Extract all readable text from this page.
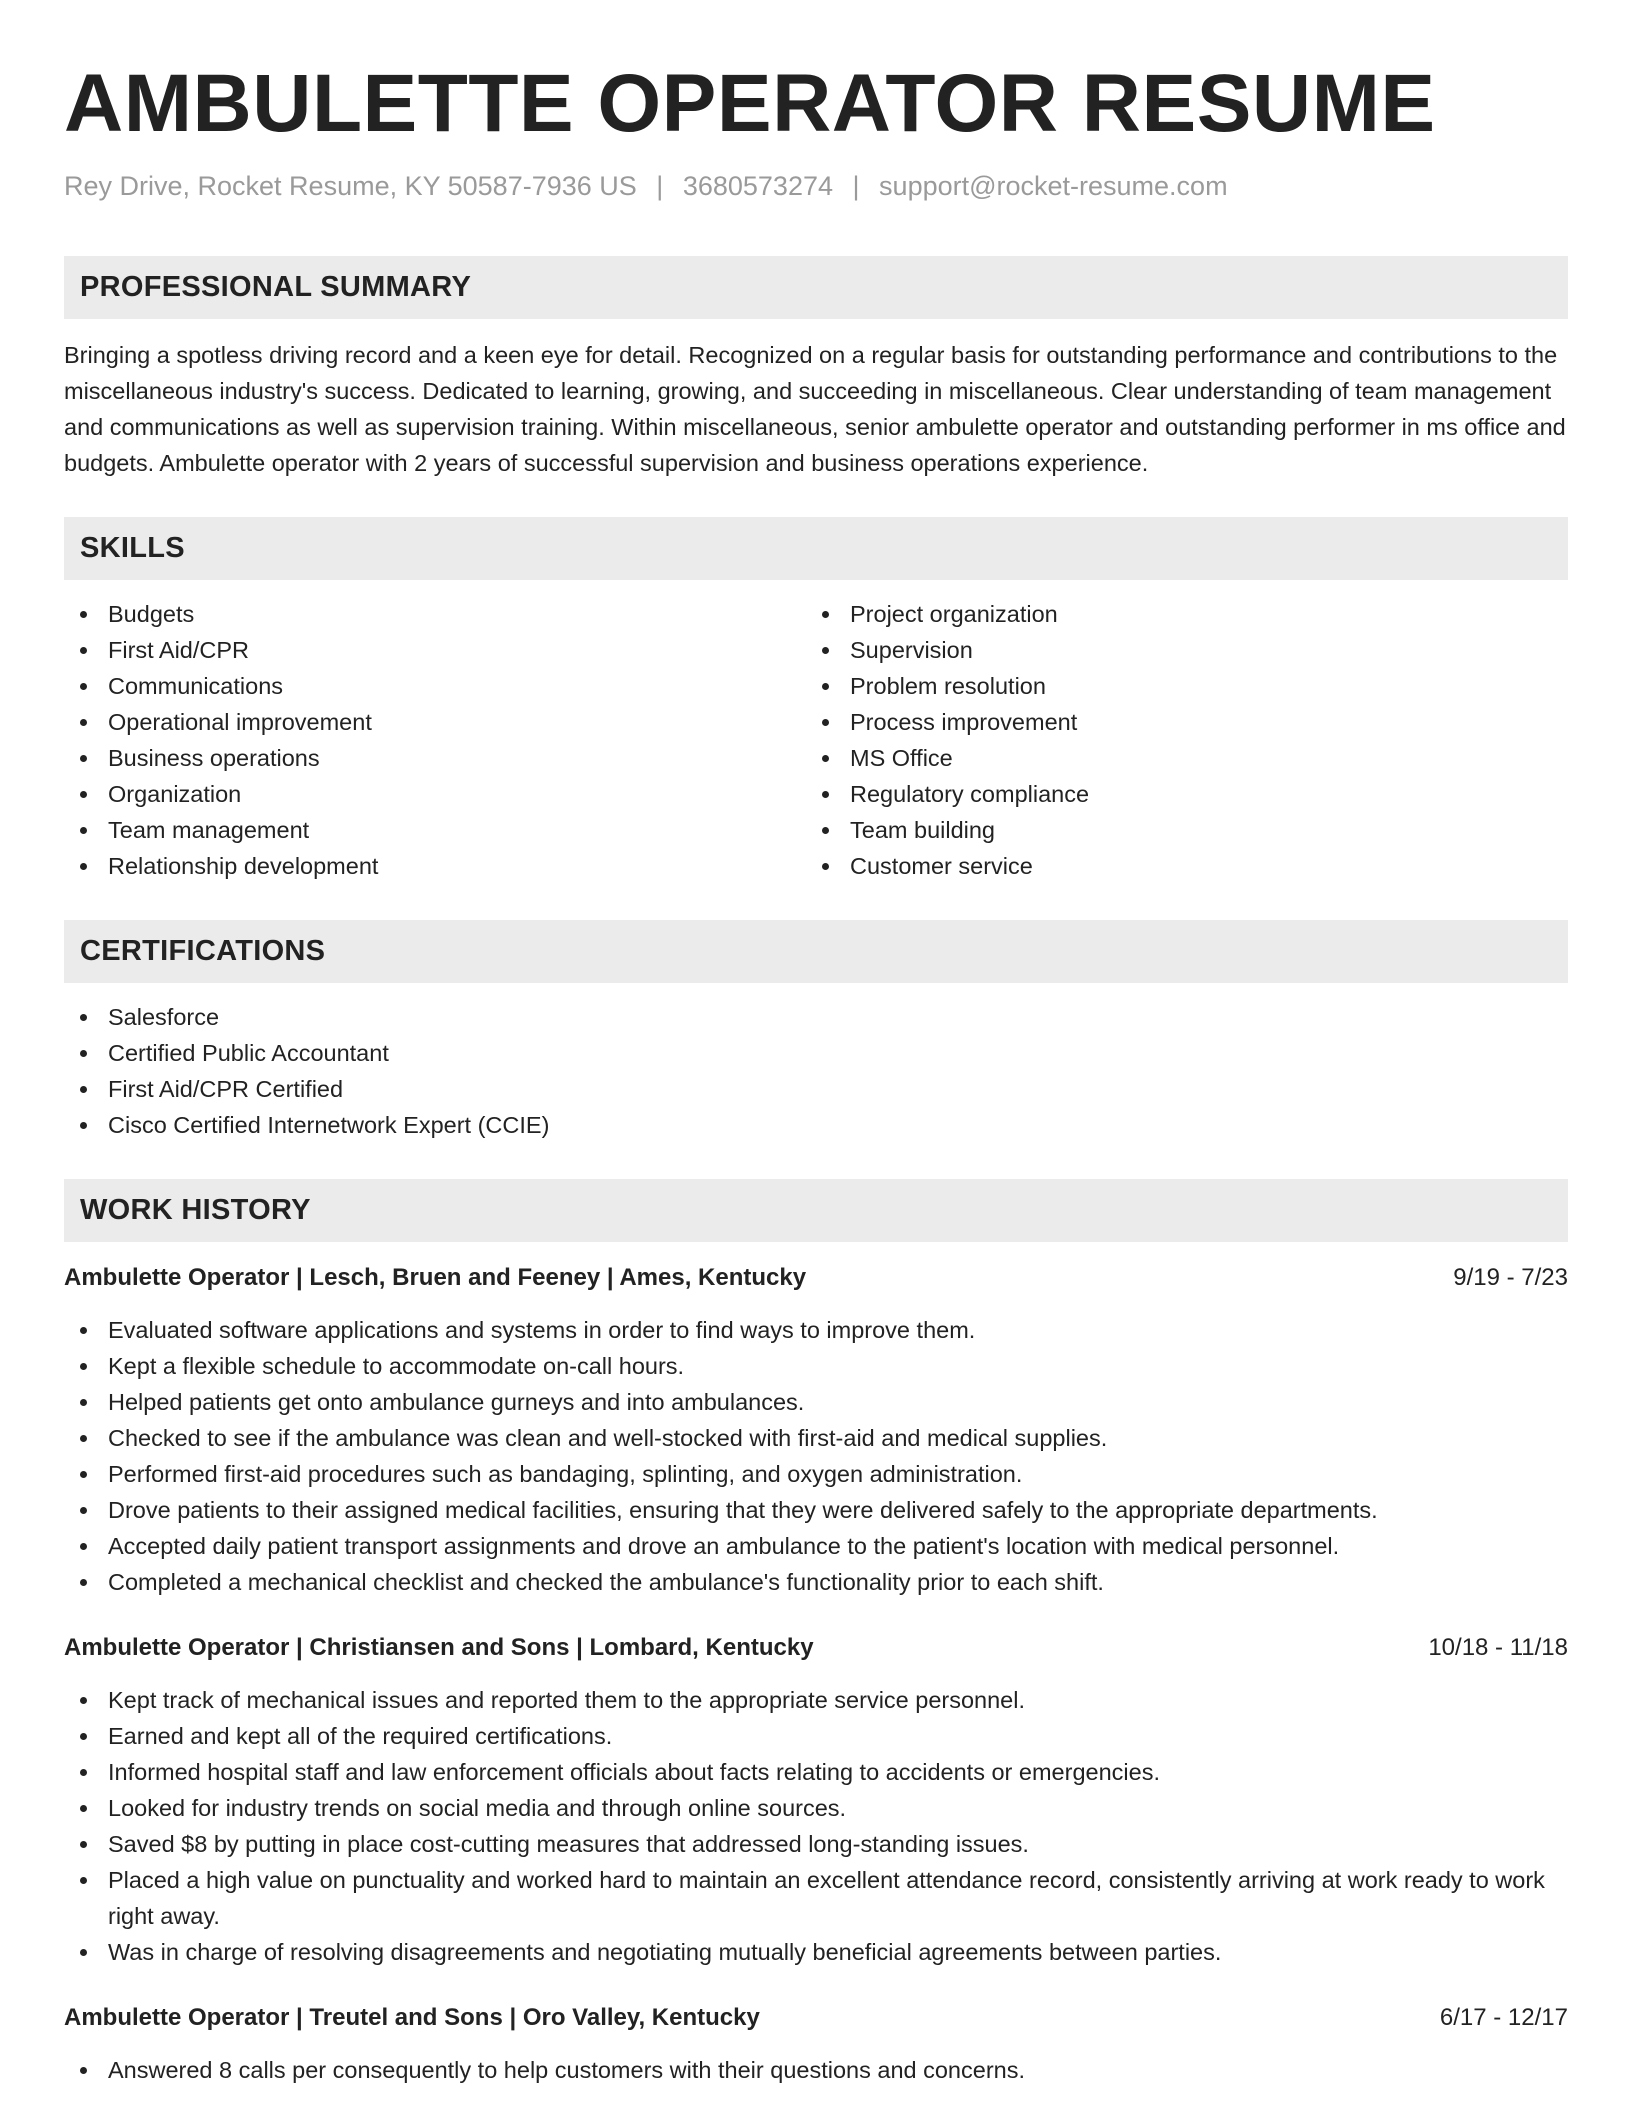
AMBULETTE OPERATOR RESUME
Rey Drive, Rocket Resume, KY 50587-7936 US | 3680573274 | support@rocket-resume.com
PROFESSIONAL SUMMARY
Bringing a spotless driving record and a keen eye for detail. Recognized on a regular basis for outstanding performance and contributions to the miscellaneous industry's success. Dedicated to learning, growing, and succeeding in miscellaneous. Clear understanding of team management and communications as well as supervision training. Within miscellaneous, senior ambulette operator and outstanding performer in ms office and budgets. Ambulette operator with 2 years of successful supervision and business operations experience.
SKILLS
Budgets
First Aid/CPR
Communications
Operational improvement
Business operations
Organization
Team management
Relationship development
Project organization
Supervision
Problem resolution
Process improvement
MS Office
Regulatory compliance
Team building
Customer service
CERTIFICATIONS
Salesforce
Certified Public Accountant
First Aid/CPR Certified
Cisco Certified Internetwork Expert (CCIE)
WORK HISTORY
Ambulette Operator | Lesch, Bruen and Feeney | Ames, Kentucky	9/19 - 7/23
Evaluated software applications and systems in order to find ways to improve them.
Kept a flexible schedule to accommodate on-call hours.
Helped patients get onto ambulance gurneys and into ambulances.
Checked to see if the ambulance was clean and well-stocked with first-aid and medical supplies.
Performed first-aid procedures such as bandaging, splinting, and oxygen administration.
Drove patients to their assigned medical facilities, ensuring that they were delivered safely to the appropriate departments.
Accepted daily patient transport assignments and drove an ambulance to the patient's location with medical personnel.
Completed a mechanical checklist and checked the ambulance's functionality prior to each shift.
Ambulette Operator | Christiansen and Sons | Lombard, Kentucky	10/18 - 11/18
Kept track of mechanical issues and reported them to the appropriate service personnel.
Earned and kept all of the required certifications.
Informed hospital staff and law enforcement officials about facts relating to accidents or emergencies.
Looked for industry trends on social media and through online sources.
Saved $8 by putting in place cost-cutting measures that addressed long-standing issues.
Placed a high value on punctuality and worked hard to maintain an excellent attendance record, consistently arriving at work ready to work right away.
Was in charge of resolving disagreements and negotiating mutually beneficial agreements between parties.
Ambulette Operator | Treutel and Sons | Oro Valley, Kentucky	6/17 - 12/17
Answered 8 calls per consequently to help customers with their questions and concerns.
